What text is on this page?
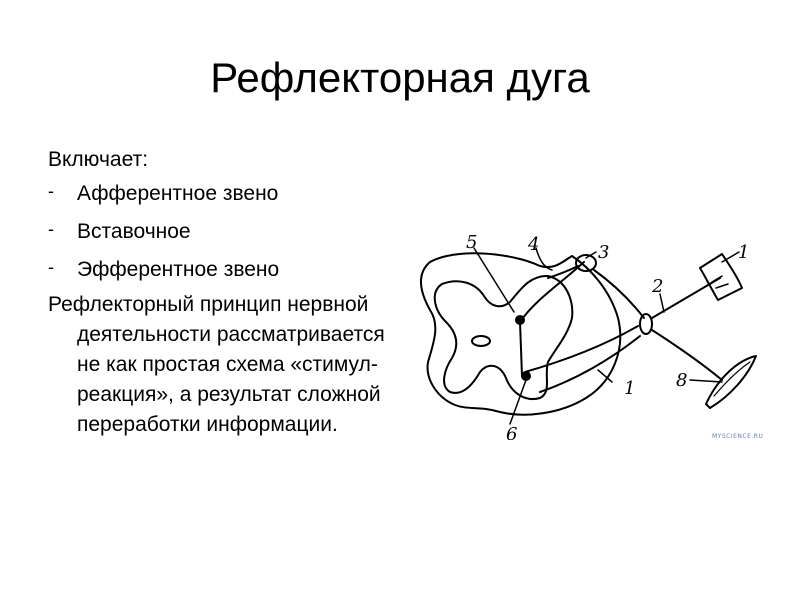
Рефлекторная дуга
Включает:
- Афферентное звено
- Вставочное
- Эфферентное звено
Рефлекторный принцип нервной деятельности рассматривается не как простая схема «стимул-реакция», а результат сложной переработки информации.
5	4	3	1
2
1 8
6	MYSCIENCE.RU
